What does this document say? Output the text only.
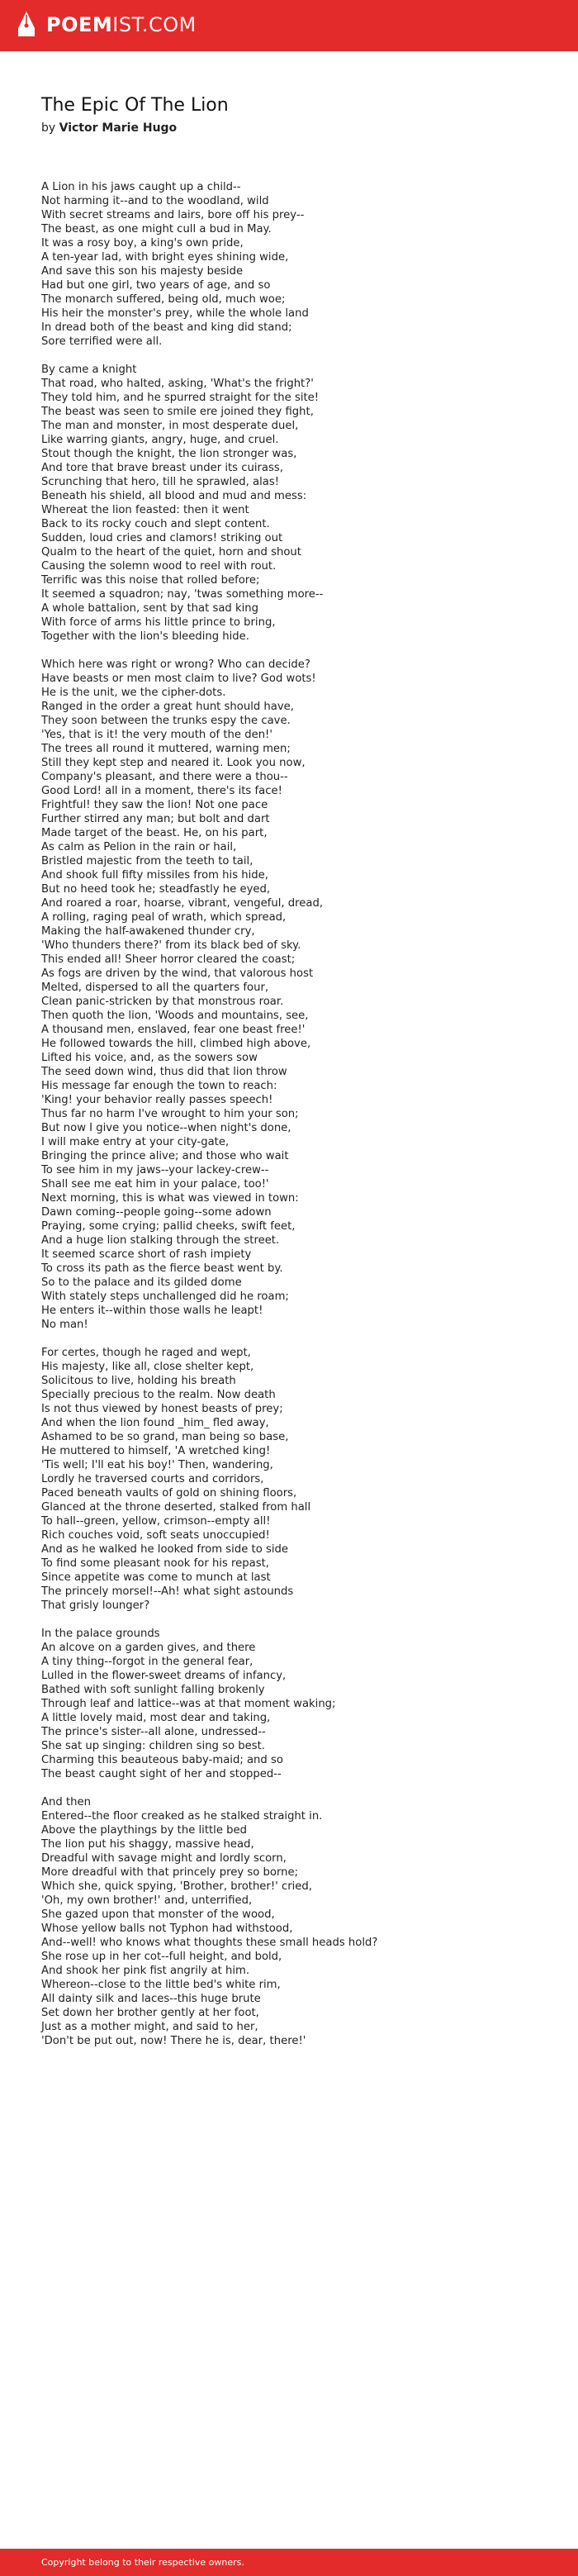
POEMIST.COM
The Epic Of The Lion
by Victor Marie Hugo

A Lion in his jaws caught up a child--
Not harming it--and to the woodland, wild
With secret streams and lairs, bore off his prey--
The beast, as one might cull a bud in May.
It was a rosy boy, a king's own pride,
A ten-year lad, with bright eyes shining wide,
And save this son his majesty beside
Had but one girl, two years of age, and so
The monarch suffered, being old, much woe;
His heir the monster's prey, while the whole land
In dread both of the beast and king did stand;
Sore terrified were all.

By came a knight
That road, who halted, asking, 'What's the fright?'
They told him, and he spurred straight for the site!
The beast was seen to smile ere joined they fight,
The man and monster, in most desperate duel,
Like warring giants, angry, huge, and cruel.
Stout though the knight, the lion stronger was,
And tore that brave breast under its cuirass,
Scrunching that hero, till he sprawled, alas!
Beneath his shield, all blood and mud and mess:
Whereat the lion feasted: then it went
Back to its rocky couch and slept content.
Sudden, loud cries and clamors! striking out
Qualm to the heart of the quiet, horn and shout
Causing the solemn wood to reel with rout.
Terrific was this noise that rolled before;
It seemed a squadron; nay, 'twas something more--
A whole battalion, sent by that sad king
With force of arms his little prince to bring,
Together with the lion's bleeding hide.

Which here was right or wrong? Who can decide?
Have beasts or men most claim to live? God wots!
He is the unit, we the cipher-dots.
Ranged in the order a great hunt should have,
They soon between the trunks espy the cave.
'Yes, that is it! the very mouth of the den!'
The trees all round it muttered, warning men;
Still they kept step and neared it. Look you now,
Company's pleasant, and there were a thou--
Good Lord! all in a moment, there's its face!
Frightful! they saw the lion! Not one pace
Further stirred any man; but bolt and dart
Made target of the beast. He, on his part,
As calm as Pelion in the rain or hail,
Bristled majestic from the teeth to tail,
And shook full fifty missiles from his hide,
But no heed took he; steadfastly he eyed,
And roared a roar, hoarse, vibrant, vengeful, dread,
A rolling, raging peal of wrath, which spread,
Making the half-awakened thunder cry,
'Who thunders there?' from its black bed of sky.
This ended all! Sheer horror cleared the coast;
As fogs are driven by the wind, that valorous host
Melted, dispersed to all the quarters four,
Clean panic-stricken by that monstrous roar.
Then quoth the lion, 'Woods and mountains, see,
A thousand men, enslaved, fear one beast free!'
He followed towards the hill, climbed high above,
Lifted his voice, and, as the sowers sow
The seed down wind, thus did that lion throw
His message far enough the town to reach:
'King! your behavior really passes speech!
Thus far no harm I've wrought to him your son;
But now I give you notice--when night's done,
I will make entry at your city-gate,
Bringing the prince alive; and those who wait
To see him in my jaws--your lackey-crew--
Shall see me eat him in your palace, too!'
Next morning, this is what was viewed in town:
Dawn coming--people going--some adown
Praying, some crying; pallid cheeks, swift feet,
And a huge lion stalking through the street.
It seemed scarce short of rash impiety
To cross its path as the fierce beast went by.
So to the palace and its gilded dome
With stately steps unchallenged did he roam;
He enters it--within those walls he leapt!
No man!

For certes, though he raged and wept,
His majesty, like all, close shelter kept,
Solicitous to live, holding his breath
Specially precious to the realm. Now death
Is not thus viewed by honest beasts of prey;
And when the lion found _him_ fled away,
Ashamed to be so grand, man being so base,
He muttered to himself, 'A wretched king!
'Tis well; I'll eat his boy!' Then, wandering,
Lordly he traversed courts and corridors,
Paced beneath vaults of gold on shining floors,
Glanced at the throne deserted, stalked from hall
To hall--green, yellow, crimson--empty all!
Rich couches void, soft seats unoccupied!
And as he walked he looked from side to side
To find some pleasant nook for his repast,
Since appetite was come to munch at last
The princely morsel!--Ah! what sight astounds
That grisly lounger?

In the palace grounds
An alcove on a garden gives, and there
A tiny thing--forgot in the general fear,
Lulled in the flower-sweet dreams of infancy,
Bathed with soft sunlight falling brokenly
Through leaf and lattice--was at that moment waking;
A little lovely maid, most dear and taking,
The prince's sister--all alone, undressed--
She sat up singing: children sing so best.
Charming this beauteous baby-maid; and so
The beast caught sight of her and stopped--

And then
Entered--the floor creaked as he stalked straight in.
Above the playthings by the little bed
The lion put his shaggy, massive head,
Dreadful with savage might and lordly scorn,
More dreadful with that princely prey so borne;
Which she, quick spying, 'Brother, brother!' cried,
'Oh, my own brother!' and, unterrified,
She gazed upon that monster of the wood,
Whose yellow balls not Typhon had withstood,
And--well! who knows what thoughts these small heads hold?
She rose up in her cot--full height, and bold,
And shook her pink fist angrily at him.
Whereon--close to the little bed's white rim,
All dainty silk and laces--this huge brute
Set down her brother gently at her foot,
Just as a mother might, and said to her,
'Don't be put out, now! There he is, dear, there!'

Copyright belong to their respective owners.
